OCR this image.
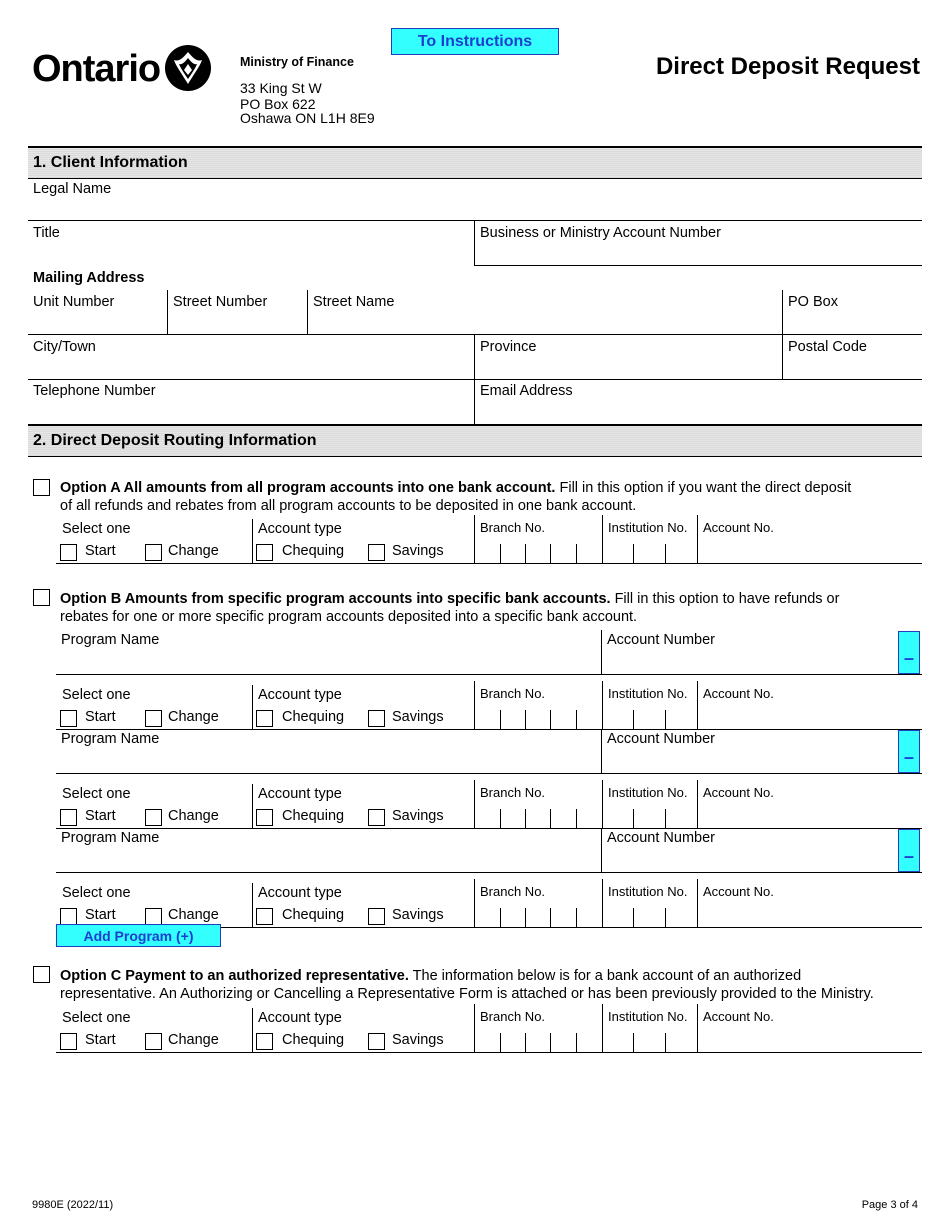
Ontario	Ministry of Finance
33 King St W
PO Box 622
Oshawa ON L1H 8E9
To Instructions
Direct Deposit Request
1. Client Information
Legal Name
Title	Business or Ministry Account Number
Mailing Address
Unit Number	Street Number	Street Name	PO Box
City/Town	Province	Postal Code
Telephone Number	Email Address
2. Direct Deposit Routing Information
Option A All amounts from all program accounts into one bank account. Fill in this option if you want the direct deposit
of all refunds and rebates from all program accounts to be deposited in one bank account.
Select one	Account type	Branch No.	Institution No. Account No.
Start	Change	Chequing	Savings
Option B Amounts from specific program accounts into specific bank accounts. Fill in this option to have refunds or
rebates for one or more specific program accounts deposited into a specific bank account.
Program Name	Account Number
–
Select one	Account type	Branch No.	Institution No. Account No.
Start	Change	Chequing	Savings
Program Name	Account Number
–
Select one	Account type	Branch No.	Institution No. Account No.
Start	Change	Chequing	Savings
Program Name	Account Number
–
Select one	Account type	Branch No.	Institution No. Account No.
Start	Change	Chequing	Savings
Add Program (+)
Option C Payment to an authorized representative. The information below is for a bank account of an authorized
representative. An Authorizing or Cancelling a Representative Form is attached or has been previously provided to the Ministry.
Select one	Account type	Branch No.	Institution No. Account No.
Start	Change	Chequing	Savings
9980E (2022/11)	Page 3 of 4
